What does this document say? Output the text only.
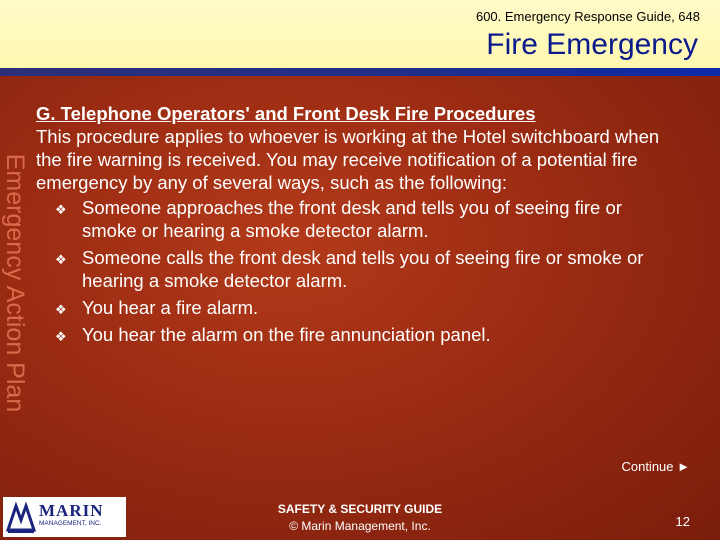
600. Emergency Response Guide, 648
Fire Emergency
Emergency Action Plan

G. Telephone Operators' and Front Desk Fire Procedures

This procedure applies to whoever is working at the Hotel switchboard when the fire warning is received. You may receive notification of a potential fire emergency by any of several ways, such as the following:

❖ Someone approaches the front desk and tells you of seeing fire or smoke or hearing a smoke detector alarm.
❖ Someone calls the front desk and tells you of seeing fire or smoke or hearing a smoke detector alarm.
❖ You hear a fire alarm.
❖ You hear the alarm on the fire annunciation panel.
Continue ►
MARIN
MANAGEMENT, INC.
SAFETY & SECURITY GUIDE
© Marin Management, Inc.	12
